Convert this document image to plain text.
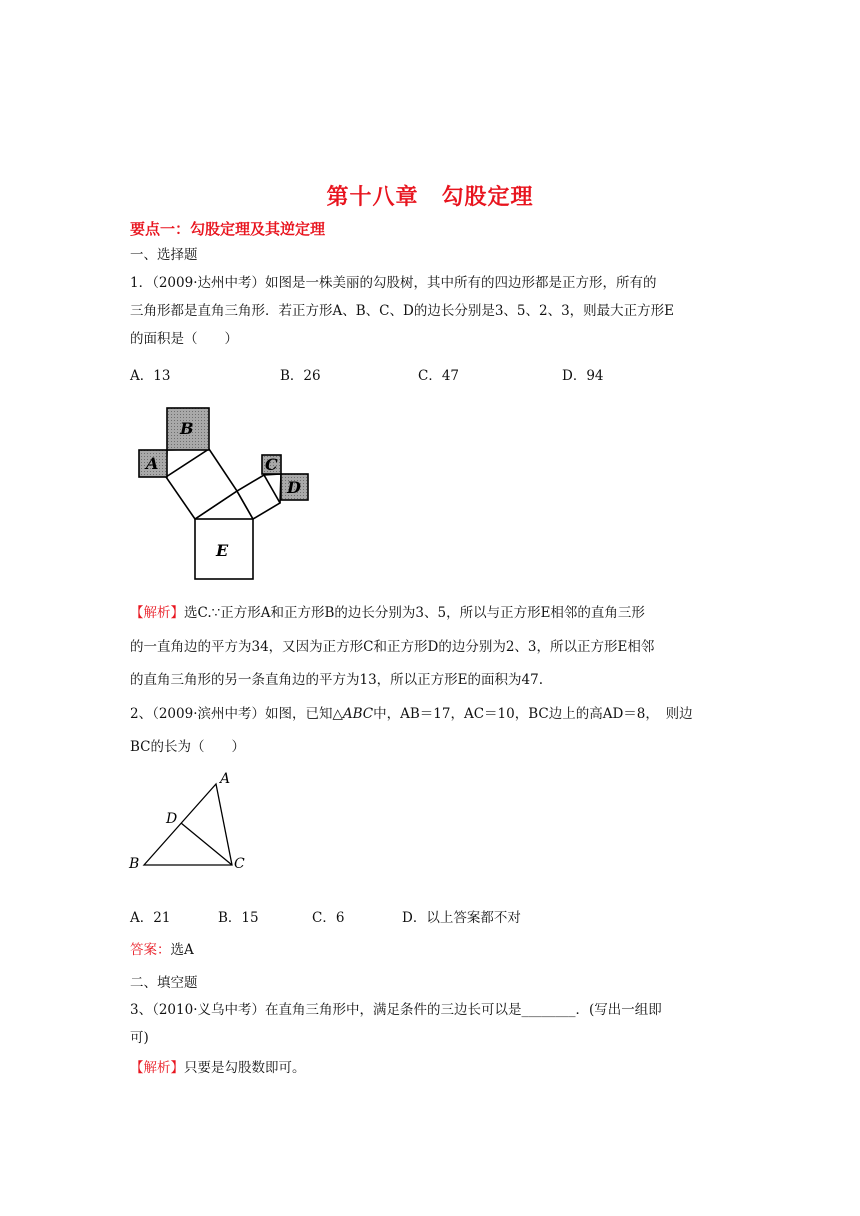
第十八章　勾股定理
要点一：勾股定理及其逆定理
一、选择题
1．（2009·达州中考）如图是一株美丽的勾股树，其中所有的四边形都是正方形，所有的
三角形都是直角三角形．若正方形A、B、C、D的边长分别是3、5、2、3，则最大正方形E
的面积是（　　）
A．13	B．26	C．47	D．94
A
B
C
D
E
【解析】选C.∵正方形A和正方形B的边长分别为3、5，所以与正方形E相邻的直角三形
的一直角边的平方为34，又因为正方形C和正方形D的边分别为2、3，所以正方形E相邻
的直角三角形的另一条直角边的平方为13，所以正方形E的面积为47.
2、（2009·滨州中考）如图，已知△ABC中，AB＝17，AC＝10，BC边上的高AD＝8，　则边
BC的长为（　　）
A
D
B	C
A．21	B．15	C．6	D．以上答案都不对
答案：选A
二、填空题
3、（2010·义乌中考）在直角三角形中，满足条件的三边长可以是________．(写出一组即
可)
【解析】只要是勾股数即可。
